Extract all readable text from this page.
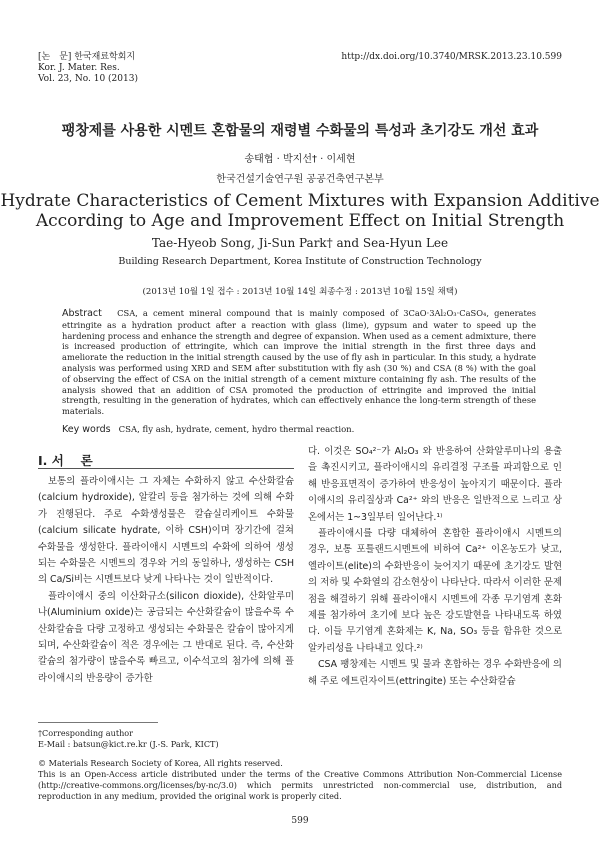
[논　문] 한국재료학회지
Kor. J. Mater. Res.
Vol. 23, No. 10 (2013)
http://dx.doi.org/10.3740/MRSK.2013.23.10.599
팽창제를 사용한 시멘트 혼합물의 재령별 수화물의 특성과 초기강도 개선 효과
송태협 · 박지선† · 이세현
한국건설기술연구원 공공건축연구본부
Hydrate Characteristics of Cement Mixtures with Expansion Additive
According to Age and Improvement Effect on Initial Strength
Tae-Hyeob Song, Ji-Sun Park† and Sea-Hyun Lee
Building Research Department, Korea Institute of Construction Technology
(2013년 10월 1일 접수 : 2013년 10월 14일 최종수정 : 2013년 10월 15일 채택)
Abstract CSA, a cement mineral compound that is mainly composed of 3CaO·3Al₂O₃·CaSO₄, generates ettringite as a hydration product after a reaction with glass (lime), gypsum and water to speed up the hardening process and enhance the strength and degree of expansion. When used as a cement admixture, there is increased production of ettringite, which can improve the initial strength in the first three days and ameliorate the reduction in the initial strength caused by the use of fly ash in particular. In this study, a hydrate analysis was performed using XRD and SEM after substitution with fly ash (30 %) and CSA (8 %) with the goal of observing the effect of CSA on the initial strength of a cement mixture containing fly ash. The results of the analysis showed that an addition of CSA promoted the production of ettringite and improved the initial strength, resulting in the generation of hydrates, which can effectively enhance the long-term strength of these materials.
Key words CSA, fly ash, hydrate, cement, hydro thermal reaction.
I. 서　 론

보통의 플라이애시는 그 자체는 수화하지 않고 수산화칼슘(calcium hydroxide), 알칼리 등을 첨가하는 것에 의해 수화가 진행된다. 주로 수화생성물은 칼슘실리케이트 수화물(calcium silicate hydrate, 이하 CSH)이며 장기간에 걸쳐 수화물을 생성한다. 플라이애시 시멘트의 수화에 의하여 생성되는 수화물은 시멘트의 경우와 거의 동일하나, 생성하는 CSH의 Ca/Si비는 시멘트보다 낮게 나타나는 것이 일반적이다.

플라이애시 중의 이산화규소(silicon dioxide), 산화알루미나(Aluminium oxide)는 공급되는 수산화칼슘이 많을수록 수산화칼슘을 다량 고정하고 생성되는 수화물은 칼슘이 많아지게 되며, 수산화칼슘이 적은 경우에는 그 반대로 된다. 즉, 수산화칼슘의 첨가량이 많을수록 빠르고, 이수석고의 첨가에 의해 플라이애시의 반응량이 증가한

다. 이것은 SO₄²⁻가 Al₂O₃ 와 반응하여 산화알루미나의 용출을 촉진시키고, 플라이애시의 유리결정 구조를 파괴함으로 인해 반응표면적이 증가하여 반응성이 높아지기 때문이다. 플라이애시의 유리질상과 Ca²⁺ 와의 반응은 일반적으로 느리고 상온에서는 1~3일부터 일어난다.¹⁾

플라이애시를 다량 대체하여 혼합한 플라이애시 시멘트의 경우, 보통 포틀랜드시멘트에 비하여 Ca²⁺ 이온농도가 낮고, 엘라이트(elite)의 수화반응이 늦어지기 때문에 초기강도 발현의 저하 및 수화열의 감소현상이 나타난다. 따라서 이러한 문제점을 해결하기 위해 플라이애시 시멘트에 각종 무기염계 혼화제를 첨가하여 초기에 보다 높은 강도발현을 나타내도록 하였다. 이들 무기염계 혼화제는 K, Na, SO₃ 등을 함유한 것으로 알카리성을 나타내고 있다.²⁾

CSA 팽창제는 시멘트 및 물과 혼합하는 경우 수화반응에 의해 주로 에트린자이트(ettringite) 또는 수산화칼슘

†Corresponding author
E-Mail : batsun@kict.re.kr (J.-S. Park, KICT)
© Materials Research Society of Korea, All rights reserved.
This is an Open-Access article distributed under the terms of the Creative Commons Attribution Non-Commercial License (http://creative-commons.org/licenses/by-nc/3.0) which permits unrestricted non-commercial use, distribution, and reproduction in any medium, provided the original work is properly cited.
599
